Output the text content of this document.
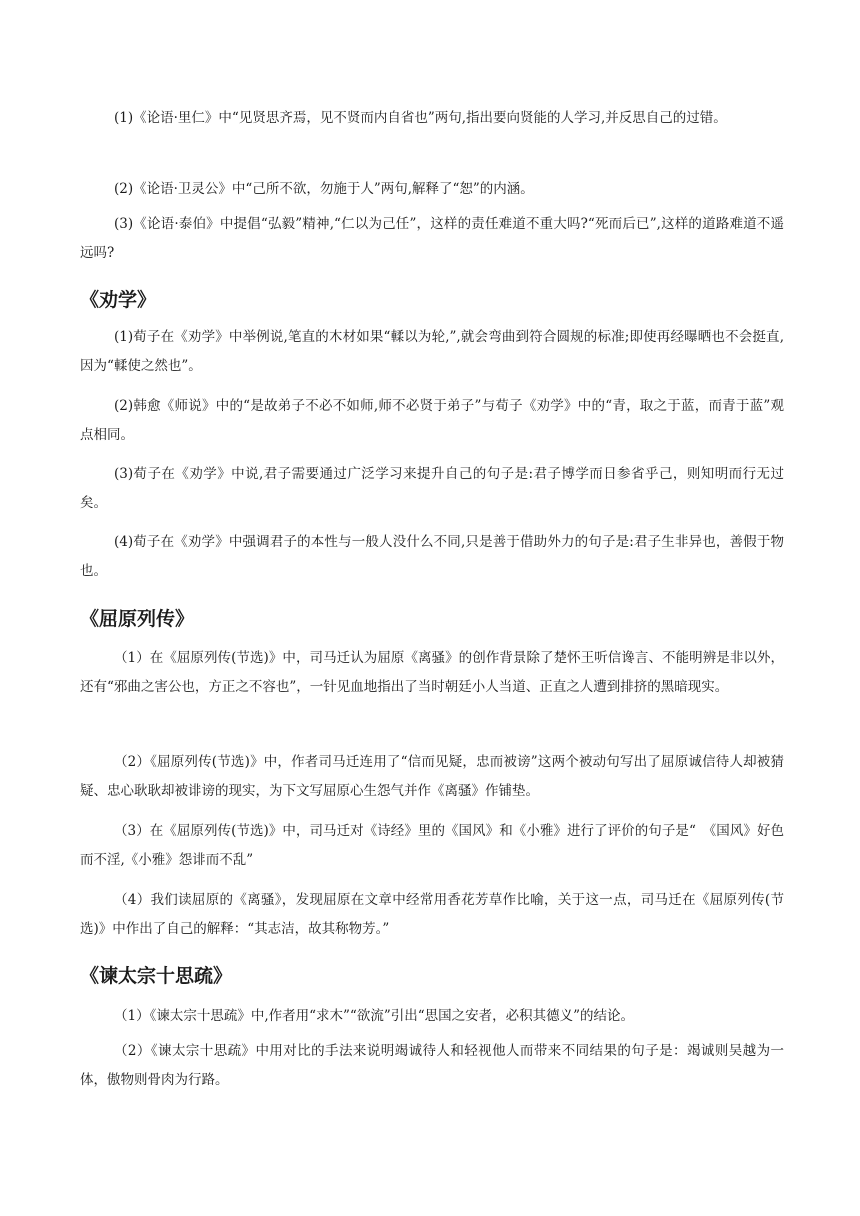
(1)《论语·里仁》中“见贤思齐焉，见不贤而内自省也”两句,指出要向贤能的人学习,并反思自己的过错。

(2)《论语·卫灵公》中“己所不欲，勿施于人”两句,解释了“恕”的内涵。

(3)《论语·泰伯》中提倡“弘毅”精神,“仁以为己任”，这样的责任难道不重大吗?“死而后已”,这样的道路难道不遥远吗?

《劝学》

(1)荀子在《劝学》中举例说,笔直的木材如果“輮以为轮,”,就会弯曲到符合圆规的标准;即使再经曝晒也不会挺直,因为“輮使之然也”。

(2)韩愈《师说》中的“是故弟子不必不如师,师不必贤于弟子”与荀子《劝学》中的“青，取之于蓝，而青于蓝”观点相同。

(3)荀子在《劝学》中说,君子需要通过广泛学习来提升自己的句子是:君子博学而日参省乎己，则知明而行无过矣。

(4)荀子在《劝学》中强调君子的本性与一般人没什么不同,只是善于借助外力的句子是:君子生非异也，善假于物也。

《屈原列传》

（1）在《屈原列传(节选)》中，司马迁认为屈原《离骚》的创作背景除了楚怀王听信谗言、不能明辨是非以外，还有“邪曲之害公也，方正之不容也”，一针见血地指出了当时朝廷小人当道、正直之人遭到排挤的黑暗现实。

（2）《屈原列传(节选)》中，作者司马迁连用了“信而见疑，忠而被谤”这两个被动句写出了屈原诚信待人却被猜疑、忠心耿耿却被诽谤的现实，为下文写屈原心生怨气并作《离骚》作铺垫。

（3）在《屈原列传(节选)》中，司马迁对《诗经》里的《国风》和《小雅》进行了评价的句子是“　《国风》好色而不淫,《小雅》怨诽而不乱”

（4）我们读屈原的《离骚》，发现屈原在文章中经常用香花芳草作比喻，关于这一点，司马迁在《屈原列传(节选)》中作出了自己的解释：“其志洁，故其称物芳。”

《谏太宗十思疏》

（1）《谏太宗十思疏》中,作者用“求木”“欲流”引出“思国之安者，必积其德义”的结论。

（2）《谏太宗十思疏》中用对比的手法来说明竭诚待人和轻视他人而带来不同结果的句子是：竭诚则吴越为一体，傲物则骨肉为行路。
